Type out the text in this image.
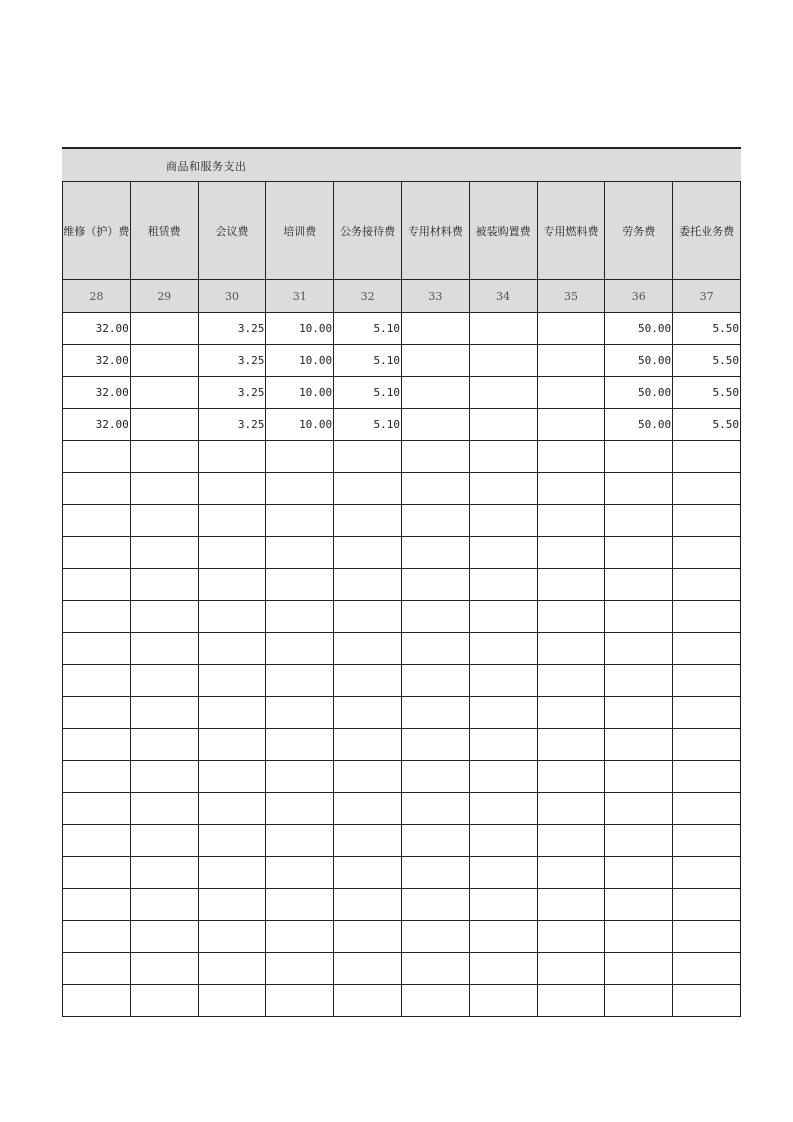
商品和服务支出
维修（护）费	租赁费	会议费	培训费	公务接待费	专用材料费	被装购置费	专用燃料费	劳务费	委托业务费
28	29	30	31	32	33	34	35	36	37
32.00		3.25	10.00	5.10				50.00	5.50
32.00		3.25	10.00	5.10				50.00	5.50
32.00		3.25	10.00	5.10				50.00	5.50
32.00		3.25	10.00	5.10				50.00	5.50
